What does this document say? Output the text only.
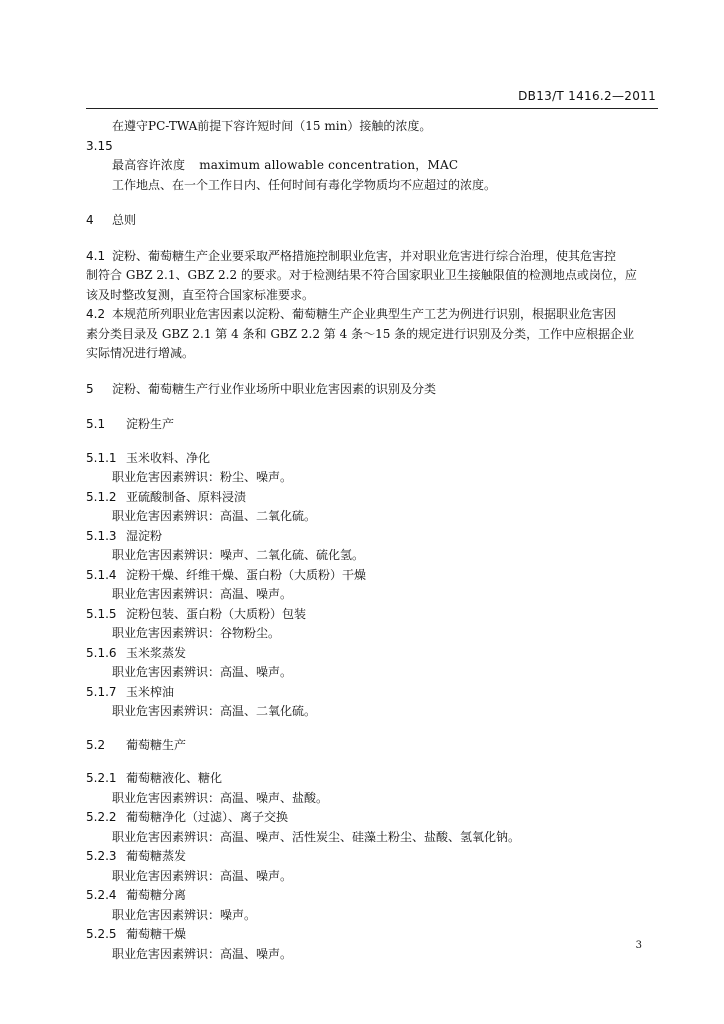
DB13/T 1416.2—2011
在遵守PC-TWA前提下容许短时间（15 min）接触的浓度。
3.15
最高容许浓度 maximum allowable concentration，MAC
工作地点、在一个工作日内、任何时间有毒化学物质均不应超过的浓度。
4 总则
4.1 淀粉、葡萄糖生产企业要采取严格措施控制职业危害，并对职业危害进行综合治理，使其危害控
制符合 GBZ 2.1、GBZ 2.2 的要求。对于检测结果不符合国家职业卫生接触限值的检测地点或岗位，应
该及时整改复测，直至符合国家标准要求。
4.2 本规范所列职业危害因素以淀粉、葡萄糖生产企业典型生产工艺为例进行识别，根据职业危害因
素分类目录及 GBZ 2.1 第 4 条和 GBZ 2.2 第 4 条～15 条的规定进行识别及分类，工作中应根据企业
实际情况进行增减。
5 淀粉、葡萄糖生产行业作业场所中职业危害因素的识别及分类
5.1 淀粉生产
5.1.1 玉米收料、净化
职业危害因素辨识：粉尘、噪声。
5.1.2 亚硫酸制备、原料浸渍
职业危害因素辨识：高温、二氧化硫。
5.1.3 湿淀粉
职业危害因素辨识：噪声、二氧化硫、硫化氢。
5.1.4 淀粉干燥、纤维干燥、蛋白粉（大质粉）干燥
职业危害因素辨识：高温、噪声。
5.1.5 淀粉包装、蛋白粉（大质粉）包装
职业危害因素辨识：谷物粉尘。
5.1.6 玉米浆蒸发
职业危害因素辨识：高温、噪声。
5.1.7 玉米榨油
职业危害因素辨识：高温、二氧化硫。
5.2 葡萄糖生产
5.2.1 葡萄糖液化、糖化
职业危害因素辨识：高温、噪声、盐酸。
5.2.2 葡萄糖净化（过滤）、离子交换
职业危害因素辨识：高温、噪声、活性炭尘、硅藻土粉尘、盐酸、氢氧化钠。
5.2.3 葡萄糖蒸发
职业危害因素辨识：高温、噪声。
5.2.4 葡萄糖分离
职业危害因素辨识：噪声。
5.2.5 葡萄糖干燥
职业危害因素辨识：高温、噪声。
3
